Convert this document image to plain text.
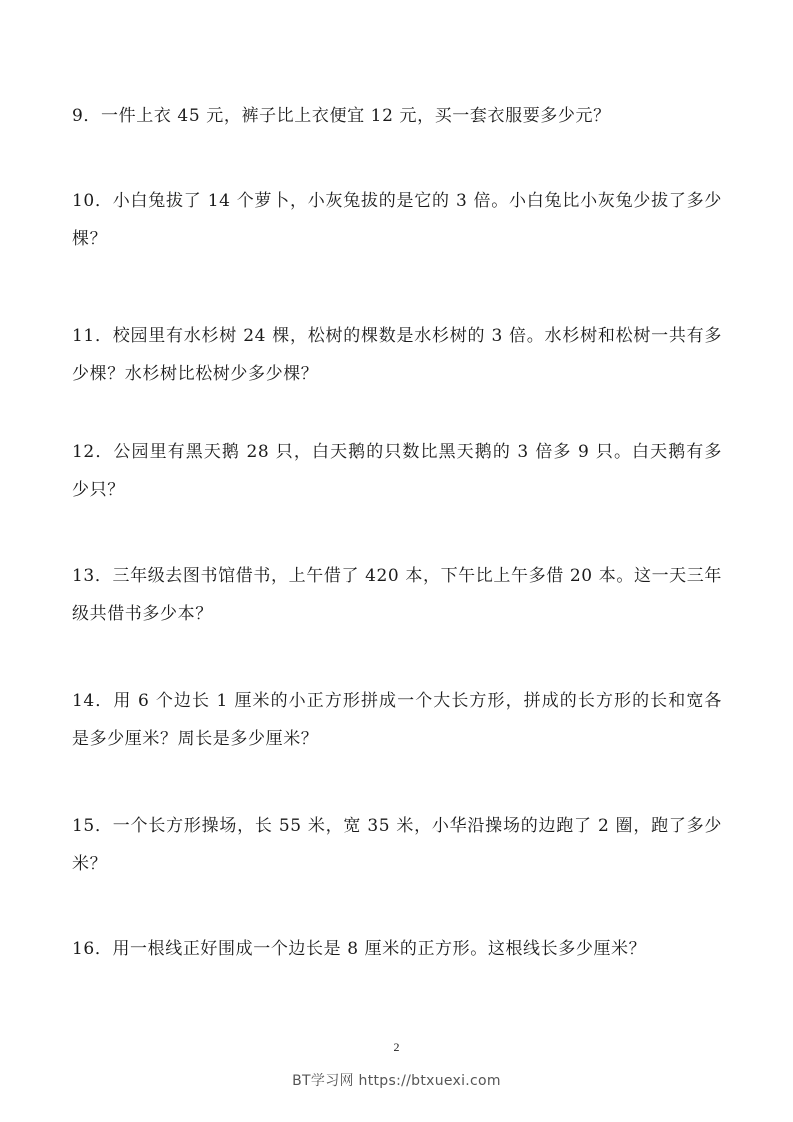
9．一件上衣 45 元，裤子比上衣便宜 12 元，买一套衣服要多少元？

10．小白兔拔了 14 个萝卜，小灰兔拔的是它的 3 倍。小白兔比小灰兔少拔了多少棵？

11．校园里有水杉树 24 棵，松树的棵数是水杉树的 3 倍。水杉树和松树一共有多少棵？水杉树比松树少多少棵？

12．公园里有黑天鹅 28 只，白天鹅的只数比黑天鹅的 3 倍多 9 只。白天鹅有多少只？

13．三年级去图书馆借书，上午借了 420 本，下午比上午多借 20 本。这一天三年级共借书多少本？

14．用 6 个边长 1 厘米的小正方形拼成一个大长方形，拼成的长方形的长和宽各是多少厘米？周长是多少厘米？

15．一个长方形操场，长 55 米，宽 35 米，小华沿操场的边跑了 2 圈，跑了多少米？

16．用一根线正好围成一个边长是 8 厘米的正方形。这根线长多少厘米？

2
BT学习网 https://btxuexi.com
